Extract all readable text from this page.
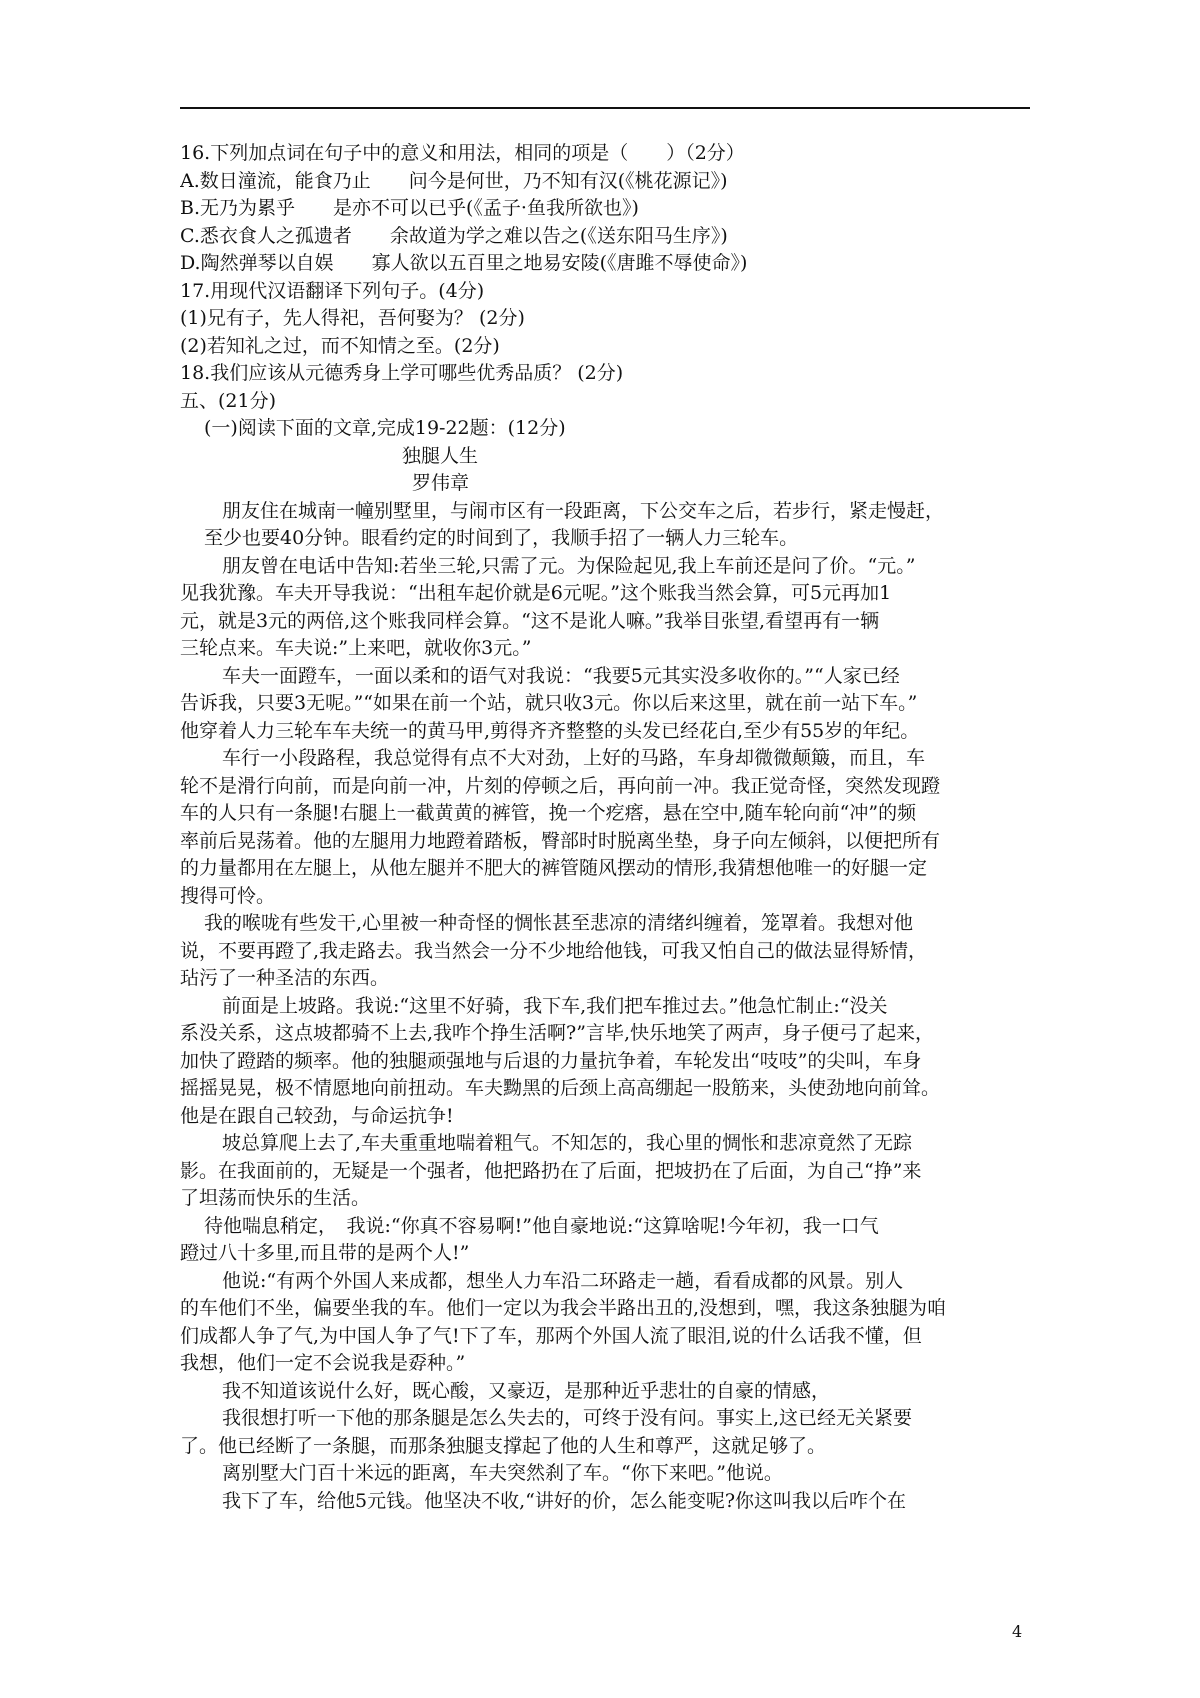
16.下列加点词在句子中的意义和用法，相同的项是（　　）（2分）
A.数日潼流，能食乃止 问今是何世，乃不知有汉(《桃花源记》)
B.无乃为累乎 是亦不可以已乎(《孟子·鱼我所欲也》)
C.悉衣食人之孤遗者 余故道为学之难以告之(《送东阳马生序》)
D.陶然弹琴以自娱 寡人欲以五百里之地易安陵(《唐雎不辱使命》)
17.用现代汉语翻译下列句子。(4分)
(1)兄有子，先人得祀，吾何娶为？ (2分)
(2)若知礼之过，而不知情之至。(2分)
18.我们应该从元德秀身上学可哪些优秀品质？ (2分)
五、(21分)
(一)阅读下面的文章,完成19-22题：(12分)
独腿人生
罗伟章
朋友住在城南一幢别墅里，与闹市区有一段距离，下公交车之后，若步行，紧走慢赶，
至少也要40分钟。眼看约定的时间到了，我顺手招了一辆人力三轮车。
朋友曾在电话中告知:若坐三轮,只需了元。为保险起见,我上车前还是问了价。“元。”
见我犹豫。车夫开导我说：“出租车起价就是6元呢。”这个账我当然会算，可5元再加1
元，就是3元的两倍,这个账我同样会算。“这不是讹人嘛。”我举目张望,看望再有一辆
三轮点来。车夫说:”上来吧，就收你3元。”
车夫一面蹬车，一面以柔和的语气对我说：“我要5元其实没多收你的。”“人家已经
告诉我，只要3无呢。”“如果在前一个站，就只收3元。你以后来这里，就在前一站下车。”
他穿着人力三轮车车夫统一的黄马甲,剪得齐齐整整的头发已经花白,至少有55岁的年纪。
车行一小段路程，我总觉得有点不大对劲，上好的马路，车身却微微颠簸，而且，车
轮不是滑行向前，而是向前一冲，片刻的停顿之后，再向前一冲。我正觉奇怪，突然发现蹬
车的人只有一条腿!右腿上一截黄黄的裤管，挽一个疙瘩，悬在空中,随车轮向前“冲”的频
率前后晃荡着。他的左腿用力地蹬着踏板，臀部时时脱离坐垫，身子向左倾斜，以便把所有
的力量都用在左腿上，从他左腿并不肥大的裤管随风摆动的情形,我猜想他唯一的好腿一定
搜得可怜。
我的喉咙有些发干,心里被一种奇怪的惆怅甚至悲凉的清绪纠缠着，笼罩着。我想对他
说，不要再蹬了,我走路去。我当然会一分不少地给他钱，可我又怕自己的做法显得矫情，
玷污了一种圣洁的东西。
前面是上坡路。我说:“这里不好骑，我下车,我们把车推过去。”他急忙制止:“没关
系没关系，这点坡都骑不上去,我咋个挣生活啊?”言毕,快乐地笑了两声，身子便弓了起来，
加快了蹬踏的频率。他的独腿顽强地与后退的力量抗争着，车轮发出“吱吱”的尖叫，车身
摇摇晃晃，极不情愿地向前扭动。车夫黝黑的后颈上高高绷起一股筋来，头使劲地向前耸。
他是在跟自己较劲，与命运抗争!
坡总算爬上去了,车夫重重地喘着粗气。不知怎的，我心里的惆怅和悲凉竟然了无踪
影。在我面前的，无疑是一个强者，他把路扔在了后面，把坡扔在了后面，为自己“挣”来
了坦荡而快乐的生活。
待他喘息稍定，　我说:“你真不容易啊!”他自豪地说:“这算啥呢!今年初，我一口气
蹬过八十多里,而且带的是两个人!”
他说:“有两个外国人来成都，想坐人力车沿二环路走一趟，看看成都的风景。别人
的车他们不坐，偏要坐我的车。他们一定以为我会半路出丑的,没想到，嘿，我这条独腿为咱
们成都人争了气,为中国人争了气!下了车，那两个外国人流了眼泪,说的什么话我不懂，但
我想，他们一定不会说我是孬种。”
我不知道该说什么好，既心酸，又豪迈，是那种近乎悲壮的自豪的情感，
我很想打听一下他的那条腿是怎么失去的，可终于没有问。事实上,这已经无关紧要
了。他已经断了一条腿，而那条独腿支撑起了他的人生和尊严，这就足够了。
离别墅大门百十米远的距离，车夫突然刹了车。“你下来吧。”他说。
我下了车，给他5元钱。他坚决不收,“讲好的价，怎么能变呢?你这叫我以后咋个在
4
